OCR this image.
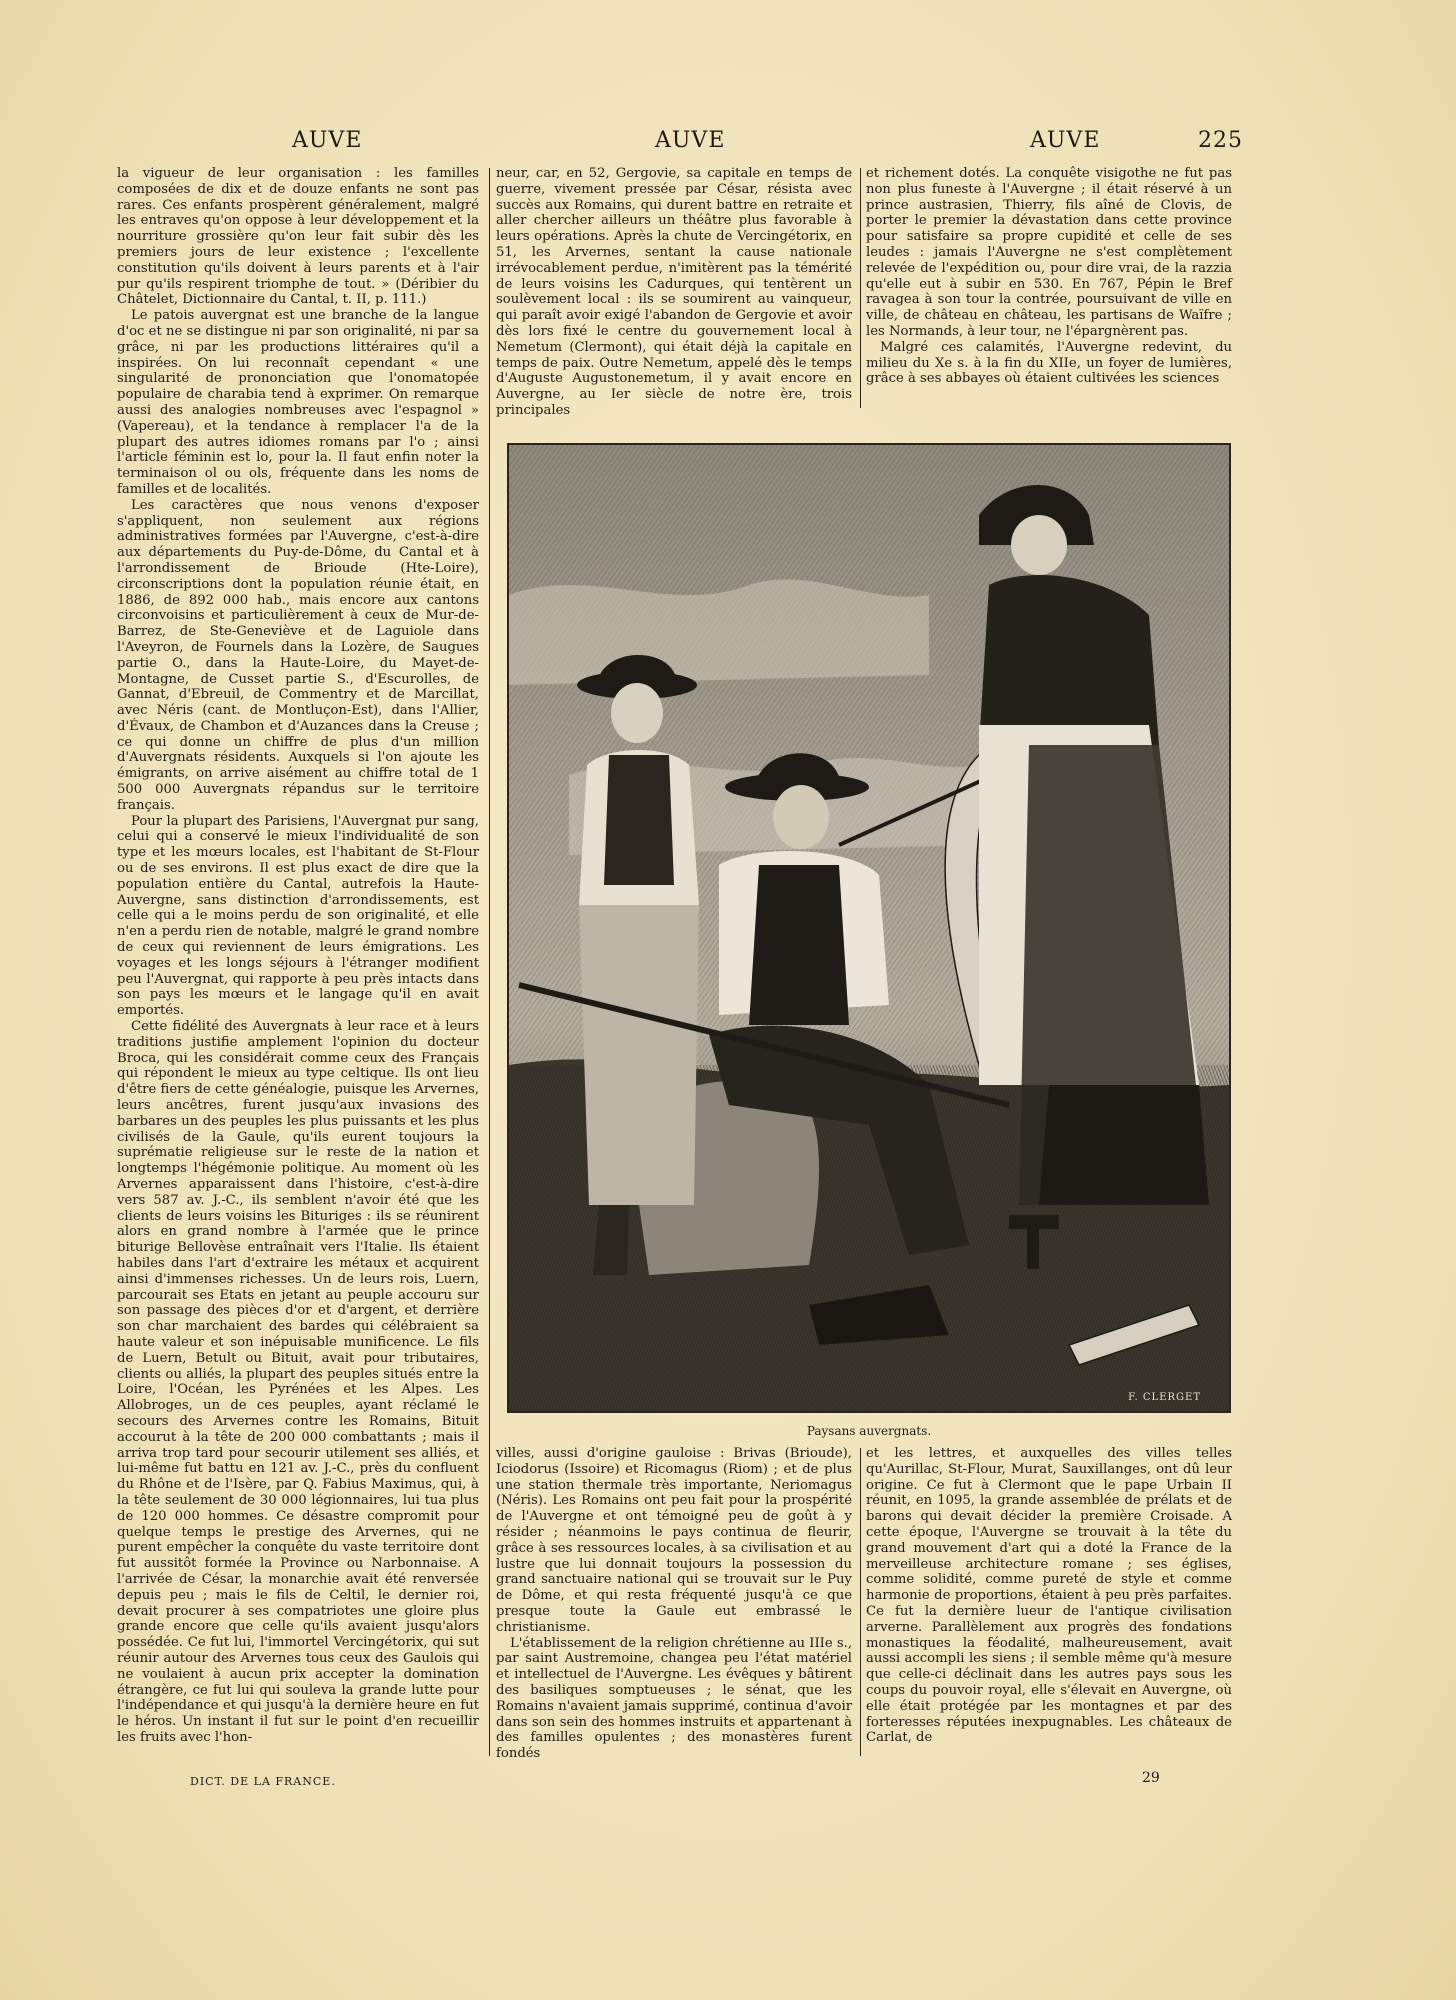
AUVE	AUVE	AUVE	225

la vigueur de leur organisation : les familles composées de dix et de douze enfants ne sont pas rares. Ces enfants prospèrent généralement, malgré les entraves qu'on oppose à leur développement et la nourriture grossière qu'on leur fait subir dès les premiers jours de leur existence ; l'excellente constitution qu'ils doivent à leurs parents et à l'air pur qu'ils respirent triomphe de tout. » (Déribier du Châtelet, Dictionnaire du Cantal, t. II, p. 111.)

Le patois auvergnat est une branche de la langue d'oc et ne se distingue ni par son originalité, ni par sa grâce, ni par les productions littéraires qu'il a inspirées. On lui reconnaît cependant « une singularité de prononciation que l'onomatopée populaire de charabia tend à exprimer. On remarque aussi des analogies nombreuses avec l'espagnol » (Vapereau), et la tendance à remplacer l'a de la plupart des autres idiomes romans par l'o ; ainsi l'article féminin est lo, pour la. Il faut enfin noter la terminaison ol ou ols, fréquente dans les noms de familles et de localités.

Les caractères que nous venons d'exposer s'appliquent, non seulement aux régions administratives formées par l'Auvergne, c'est-à-dire aux départements du Puy-de-Dôme, du Cantal et à l'arrondissement de Brioude (Hte-Loire), circonscriptions dont la population réunie était, en 1886, de 892 000 hab., mais encore aux cantons circonvoisins et particulièrement à ceux de Mur-de-Barrez, de Ste-Geneviève et de Laguiole dans l'Aveyron, de Fournels dans la Lozère, de Saugues partie O., dans la Haute-Loire, du Mayet-de-Montagne, de Cusset partie S., d'Escurolles, de Gannat, d'Ebreuil, de Commentry et de Marcillat, avec Néris (cant. de Montluçon-Est), dans l'Allier, d'Évaux, de Chambon et d'Auzances dans la Creuse ; ce qui donne un chiffre de plus d'un million d'Auvergnats résidents. Auxquels si l'on ajoute les émigrants, on arrive aisément au chiffre total de 1 500 000 Auvergnats répandus sur le territoire français.

Pour la plupart des Parisiens, l'Auvergnat pur sang, celui qui a conservé le mieux l'individualité de son type et les mœurs locales, est l'habitant de St-Flour ou de ses environs. Il est plus exact de dire que la population entière du Cantal, autrefois la Haute-Auvergne, sans distinction d'arrondissements, est celle qui a le moins perdu de son originalité, et elle n'en a perdu rien de notable, malgré le grand nombre de ceux qui reviennent de leurs émigrations. Les voyages et les longs séjours à l'étranger modifient peu l'Auvergnat, qui rapporte à peu près intacts dans son pays les mœurs et le langage qu'il en avait emportés.

Cette fidélité des Auvergnats à leur race et à leurs traditions justifie amplement l'opinion du docteur Broca, qui les considérait comme ceux des Français qui répondent le mieux au type celtique. Ils ont lieu d'être fiers de cette généalogie, puisque les Arvernes, leurs ancêtres, furent jusqu'aux invasions des barbares un des peuples les plus puissants et les plus civilisés de la Gaule, qu'ils eurent toujours la suprématie religieuse sur le reste de la nation et longtemps l'hégémonie politique. Au moment où les Arvernes apparaissent dans l'histoire, c'est-à-dire vers 587 av. J.-C., ils semblent n'avoir été que les clients de leurs voisins les Bituriges : ils se réunirent alors en grand nombre à l'armée que le prince biturige Bellovèse entraînait vers l'Italie. Ils étaient habiles dans l'art d'extraire les métaux et acquirent ainsi d'immenses richesses. Un de leurs rois, Luern, parcourait ses Etats en jetant au peuple accouru sur son passage des pièces d'or et d'argent, et derrière son char marchaient des bardes qui célébraient sa haute valeur et son inépuisable munificence. Le fils de Luern, Betult ou Bituit, avait pour tributaires, clients ou alliés, la plupart des peuples situés entre la Loire, l'Océan, les Pyrénées et les Alpes. Les Allobroges, un de ces peuples, ayant réclamé le secours des Arvernes contre les Romains, Bituit accourut à la tête de 200 000 combattants ; mais il arriva trop tard pour secourir utilement ses alliés, et lui-même fut battu en 121 av. J.-C., près du confluent du Rhône et de l'Isère, par Q. Fabius Maximus, qui, à la tête seulement de 30 000 légionnaires, lui tua plus de 120 000 hommes. Ce désastre compromit pour quelque temps le prestige des Arvernes, qui ne purent empêcher la conquête du vaste territoire dont fut aussitôt formée la Province ou Narbonnaise. A l'arrivée de César, la monarchie avait été renversée depuis peu ; mais le fils de Celtil, le dernier roi, devait procurer à ses compatriotes une gloire plus grande encore que celle qu'ils avaient jusqu'alors possédée. Ce fut lui, l'immortel Vercingétorix, qui sut réunir autour des Arvernes tous ceux des Gaulois qui ne voulaient à aucun prix accepter la domination étrangère, ce fut lui qui souleva la grande lutte pour l'indépendance et qui jusqu'à la dernière heure en fut le héros. Un instant il fut sur le point d'en recueillir les fruits avec l'hon-

neur, car, en 52, Gergovie, sa capitale en temps de guerre, vivement pressée par César, résista avec succès aux Romains, qui durent battre en retraite et aller chercher ailleurs un théâtre plus favorable à leurs opérations. Après la chute de Vercingétorix, en 51, les Arvernes, sentant la cause nationale irrévocablement perdue, n'imitèrent pas la témérité de leurs voisins les Cadurques, qui tentèrent un soulèvement local : ils se soumirent au vainqueur, qui paraît avoir exigé l'abandon de Gergovie et avoir dès lors fixé le centre du gouvernement local à Nemetum (Clermont), qui était déjà la capitale en temps de paix. Outre Nemetum, appelé dès le temps d'Auguste Augustonemetum, il y avait encore en Auvergne, au Ier siècle de notre ère, trois principales

et richement dotés. La conquête visigothe ne fut pas non plus funeste à l'Auvergne ; il était réservé à un prince austrasien, Thierry, fils aîné de Clovis, de porter le premier la dévastation dans cette province pour satisfaire sa propre cupidité et celle de ses leudes : jamais l'Auvergne ne s'est complètement relevée de l'expédition ou, pour dire vrai, de la razzia qu'elle eut à subir en 530. En 767, Pépin le Bref ravagea à son tour la contrée, poursuivant de ville en ville, de château en château, les partisans de Waïfre ; les Normands, à leur tour, ne l'épargnèrent pas.

Malgré ces calamités, l'Auvergne redevint, du milieu du Xe s. à la fin du XIIe, un foyer de lumières, grâce à ses abbayes où étaient cultivées les sciences

F. CLERGET
Paysans auvergnats.

villes, aussi d'origine gauloise : Brivas (Brioude), Iciodorus (Issoire) et Ricomagus (Riom) ; et de plus une station thermale très importante, Neriomagus (Néris). Les Romains ont peu fait pour la prospérité de l'Auvergne et ont témoigné peu de goût à y résider ; néanmoins le pays continua de fleurir, grâce à ses ressources locales, à sa civilisation et au lustre que lui donnait toujours la possession du grand sanctuaire national qui se trouvait sur le Puy de Dôme, et qui resta fréquenté jusqu'à ce que presque toute la Gaule eut embrassé le christianisme.

L'établissement de la religion chrétienne au IIIe s., par saint Austremoine, changea peu l'état matériel et intellectuel de l'Auvergne. Les évêques y bâtirent des basiliques somptueuses ; le sénat, que les Romains n'avaient jamais supprimé, continua d'avoir dans son sein des hommes instruits et appartenant à des familles opulentes ; des monastères furent fondés

et les lettres, et auxquelles des villes telles qu'Aurillac, St-Flour, Murat, Sauxillanges, ont dû leur origine. Ce fut à Clermont que le pape Urbain II réunit, en 1095, la grande assemblée de prélats et de barons qui devait décider la première Croisade. A cette époque, l'Auvergne se trouvait à la tête du grand mouvement d'art qui a doté la France de la merveilleuse architecture romane ; ses églises, comme solidité, comme pureté de style et comme harmonie de proportions, étaient à peu près parfaites. Ce fut la dernière lueur de l'antique civilisation arverne. Parallèlement aux progrès des fondations monastiques la féodalité, malheureusement, avait aussi accompli les siens ; il semble même qu'à mesure que celle-ci déclinait dans les autres pays sous les coups du pouvoir royal, elle s'élevait en Auvergne, où elle était protégée par les montagnes et par des forteresses réputées inexpugnables. Les châteaux de Carlat, de

DICT. DE LA FRANCE.	29
